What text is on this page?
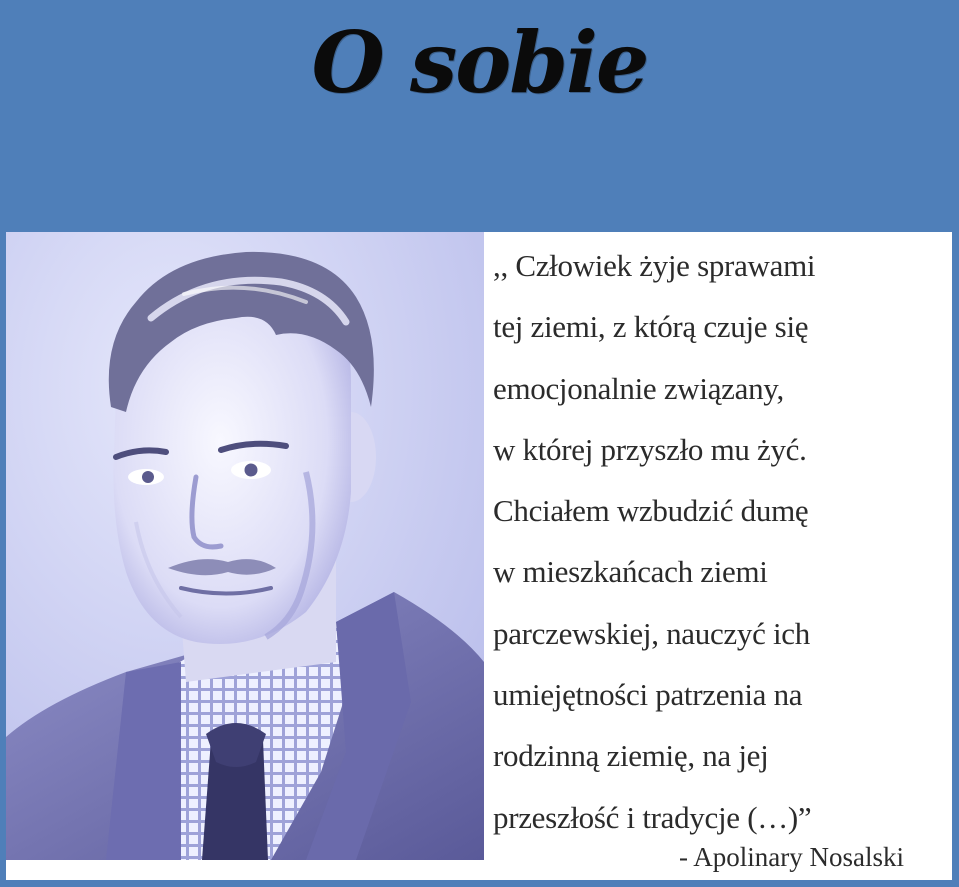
O sobie
,, Człowiek żyje sprawami
tej ziemi, z którą czuje się
emocjonalnie związany,
w której przyszło mu żyć.
Chciałem wzbudzić dumę
w mieszkańcach ziemi
parczewskiej, nauczyć ich
umiejętności patrzenia na
rodzinną ziemię, na jej
przeszłość i tradycje (…)”
- Apolinary Nosalski
